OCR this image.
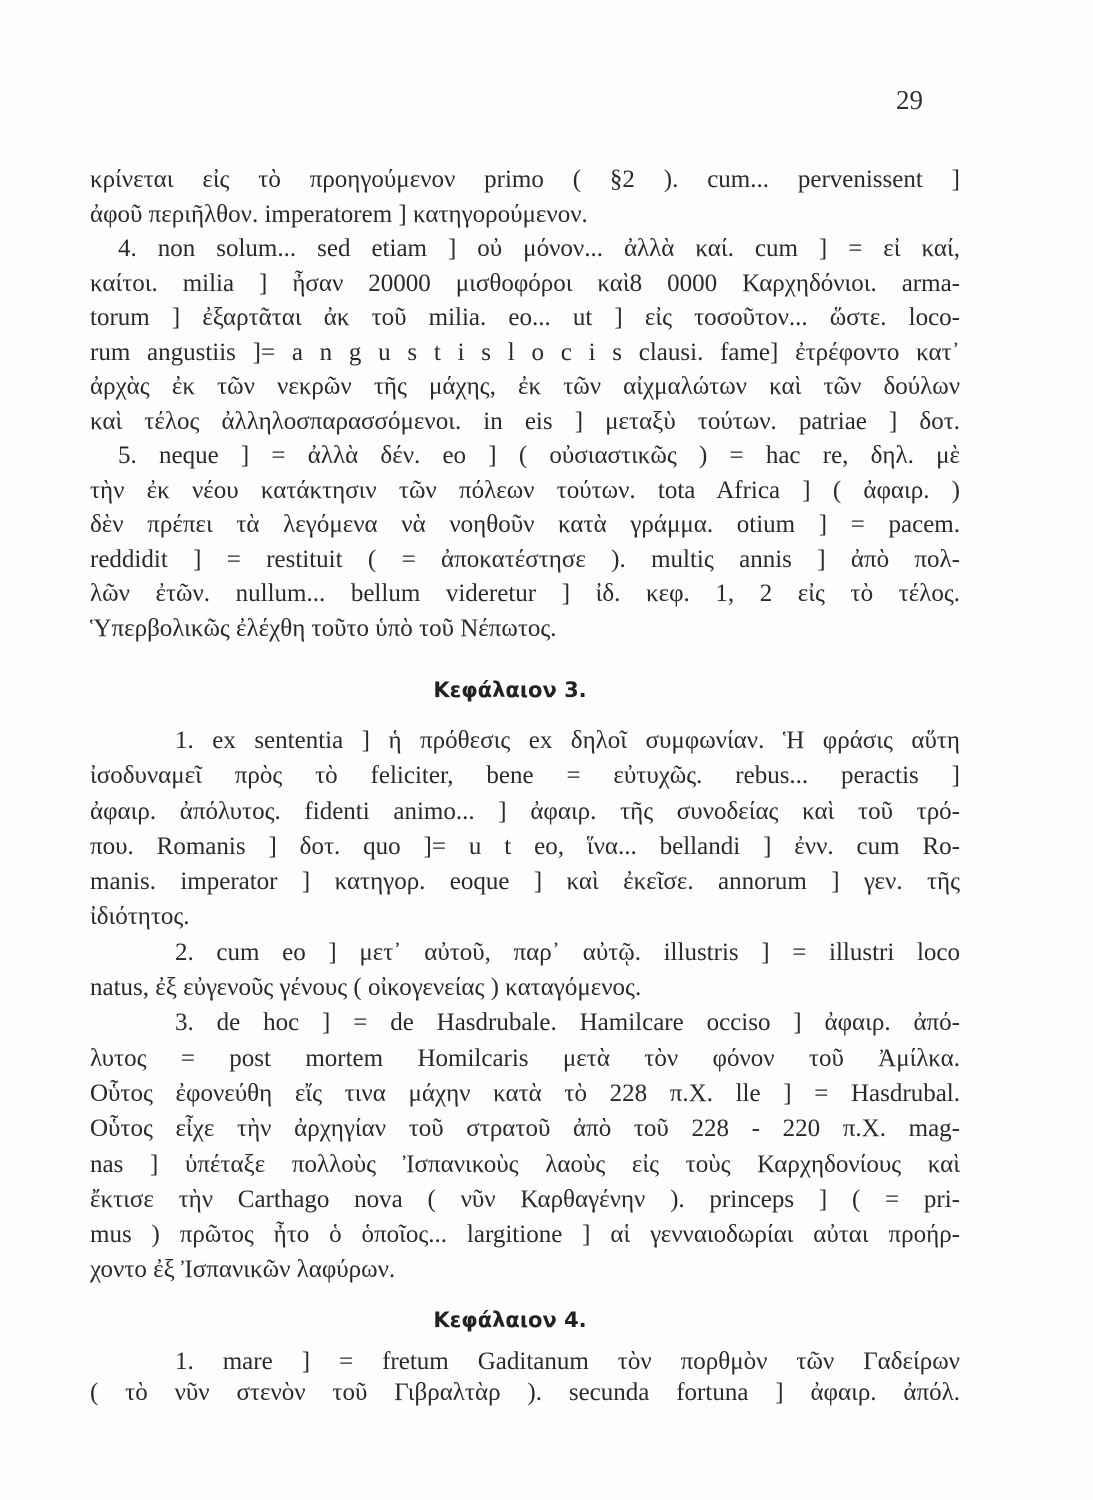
29
κρίνεται εἰς τὸ προηγούμενον primo ( §2 ). cum... pervenissent ]
ἀφοῦ περιῆλθον. imperatorem ] κατηγορούμενον.
4. non solum... sed etiam ] οὐ μόνον... ἀλλὰ καί. cum ] = εἰ καί,
καίτοι. milia ] ἦσαν 20000 μισθοφόροι καὶ8 0000 Καρχηδόνιοι. arma-
torum ] ἐξαρτᾶται ἀκ τοῦ milia. eo... ut ] εἰς τοσοῦτον... ὥστε. loco-
rum angustiis ]= a n g u s t i s l o c i s clausi. fame] ἐτρέφοντο κατ᾽
ἀρχὰς ἐκ τῶν νεκρῶν τῆς μάχης, ἐκ τῶν αἰχμαλώτων καὶ τῶν δούλων
καὶ τέλος ἀλληλοσπαρασσόμενοι. in eis ] μεταξὺ τούτων. patriae ] δοτ.
5. neque ] = ἀλλὰ δέν. eo ] ( οὐσιαστικῶς ) = hac re, δηλ. μὲ
τὴν ἐκ νέου κατάκτησιν τῶν πόλεων τούτων. tota Africa ] ( ἀφαιρ. )
δὲν πρέπει τὰ λεγόμενα νὰ νοηθοῦν κατὰ γράμμα. otium ] = pacem.
reddidit ] = restituit ( = ἀποκατέστησε ). multiς annis ] ἀπὸ πολ-
λῶν ἐτῶν. nullum... bellum videretur ] ἰδ. κεφ. 1, 2 εἰς τὸ τέλος.
Ὑπερβολικῶς ἐλέχθη τοῦτο ὑπὸ τοῦ Νέπωτος.
Κεφάλαιον 3.
1. ex sententia ] ἡ πρόθεσις ex δηλοῖ συμφωνίαν. Ἡ φράσις αὕτη
ἰσοδυναμεῖ πρὸς τὸ feliciter, bene = εὐτυχῶς. rebus... peractis ]
ἀφαιρ. ἀπόλυτος. fidenti animo... ] ἀφαιρ. τῆς συνοδείας καὶ τοῦ τρό-
που. Romanis ] δοτ. quo ]= u t eo, ἵνα... bellandi ] ἐνν. cum Ro-
manis. imperator ] κατηγορ. eoque ] καὶ ἐκεῖσε. annorum ] γεν. τῆς
ἰδιότητος.
2. cum eo ] μετ᾽ αὐτοῦ, παρ᾽ αὐτῷ. illustris ] = illustri loco
natus, ἐξ εὐγενοῦς γένους ( οἰκογενείας ) καταγόμενος.
3. de hoc ] = de Hasdrubale. Hamilcare occiso ] ἀφαιρ. ἀπό-
λυτος = post mortem Homilcaris μετὰ τὸν φόνον τοῦ Ἀμίλκα.
Οὗτος ἐφονεύθη εἴς τινα μάχην κατὰ τὸ 228 π.Χ. lle ] = Hasdrubal.
Οὗτος εἶχε τὴν ἀρχηγίαν τοῦ στρατοῦ ἀπὸ τοῦ 228 - 220 π.Χ. mag-
nas ] ὑπέταξε πολλοὺς Ἰσπανικοὺς λαοὺς εἰς τοὺς Καρχηδονίους καὶ
ἔκτισε τὴν Carthago nova ( νῦν Καρθαγένην ). princeps ] ( = pri-
mus ) πρῶτος ἦτο ὁ ὁποῖος... largitione ] αἱ γενναιοδωρίαι αὐται προήρ-
χοντο ἐξ Ἰσπανικῶν λαφύρων.
Κεφάλαιον 4.
1. mare ] = fretum Gaditanum τὸν πορθμὸν τῶν Γαδείρων
( τὸ νῦν στενὸν τοῦ Γιβραλτὰρ ). secunda fortuna ] ἀφαιρ. ἀπόλ.
